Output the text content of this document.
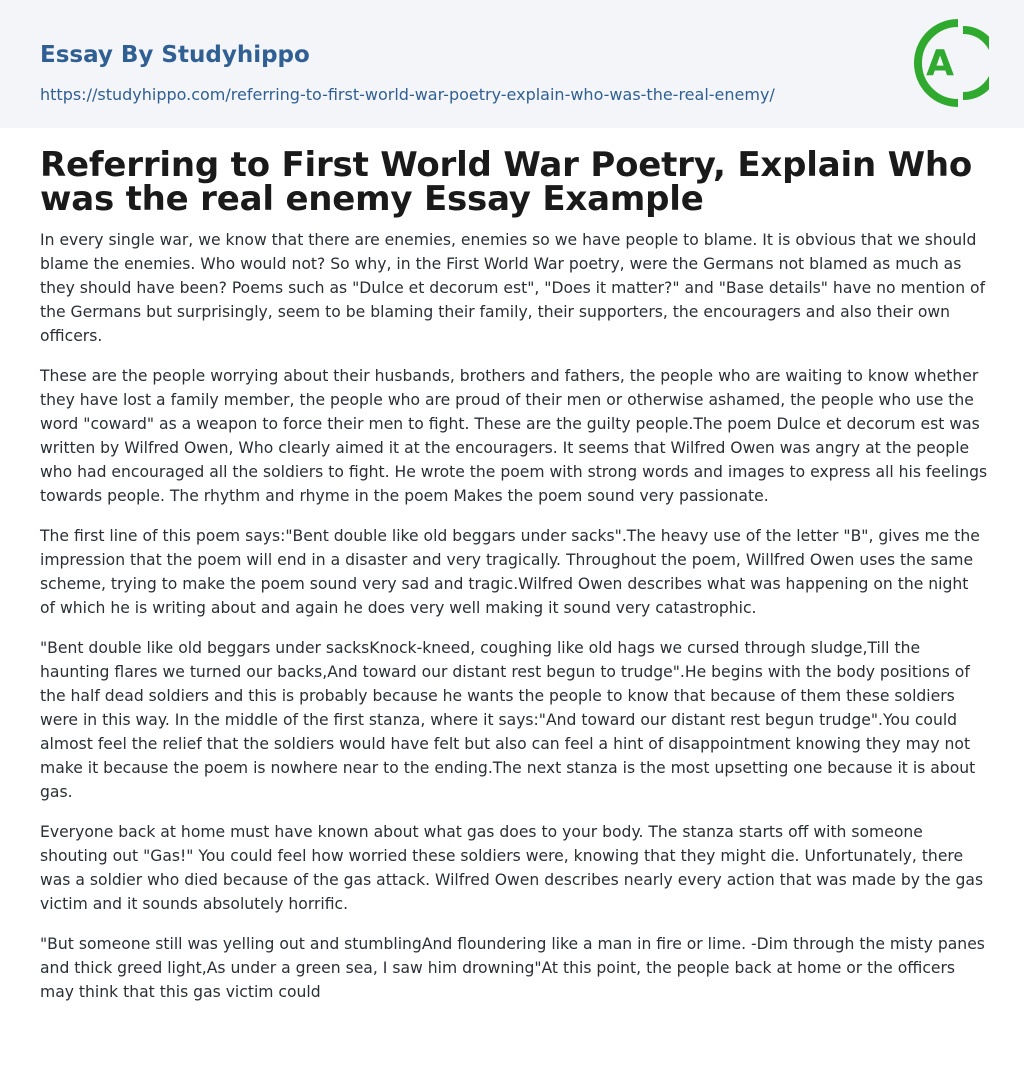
Essay By Studyhippo
https://studyhippo.com/referring-to-first-world-war-poetry-explain-who-was-the-real-enemy/
A
Referring to First World War Poetry, Explain Who was the real enemy Essay Example

In every single war, we know that there are enemies, enemies so we have people to blame. It is obvious that we should blame the enemies. Who would not? So why, in the First World War poetry, were the Germans not blamed as much as they should have been? Poems such as "Dulce et decorum est", "Does it matter?" and "Base details" have no mention of the Germans but surprisingly, seem to be blaming their family, their supporters, the encouragers and also their own officers.

These are the people worrying about their husbands, brothers and fathers, the people who are waiting to know whether they have lost a family member, the people who are proud of their men or otherwise ashamed, the people who use the word "coward" as a weapon to force their men to fight. These are the guilty people.The poem Dulce et decorum est was written by Wilfred Owen, Who clearly aimed it at the encouragers. It seems that Wilfred Owen was angry at the people who had encouraged all the soldiers to fight. He wrote the poem with strong words and images to express all his feelings towards people. The rhythm and rhyme in the poem Makes the poem sound very passionate.

The first line of this poem says:"Bent double like old beggars under sacks".The heavy use of the letter "B", gives me the impression that the poem will end in a disaster and very tragically. Throughout the poem, Willfred Owen uses the same scheme, trying to make the poem sound very sad and tragic.Wilfred Owen describes what was happening on the night of which he is writing about and again he does very well making it sound very catastrophic.

"Bent double like old beggars under sacksKnock-kneed, coughing like old hags we cursed through sludge,Till the haunting flares we turned our backs,And toward our distant rest begun to trudge".He begins with the body positions of the half dead soldiers and this is probably because he wants the people to know that because of them these soldiers were in this way. In the middle of the first stanza, where it says:"And toward our distant rest begun trudge".You could almost feel the relief that the soldiers would have felt but also can feel a hint of disappointment knowing they may not make it because the poem is nowhere near to the ending.The next stanza is the most upsetting one because it is about gas.

Everyone back at home must have known about what gas does to your body. The stanza starts off with someone shouting out "Gas!" You could feel how worried these soldiers were, knowing that they might die. Unfortunately, there was a soldier who died because of the gas attack. Wilfred Owen describes nearly every action that was made by the gas victim and it sounds absolutely horrific.

"But someone still was yelling out and stumblingAnd floundering like a man in fire or lime. -Dim through the misty panes and thick greed light,As under a green sea, I saw him drowning"At this point, the people back at home or the officers may think that this gas victim could
